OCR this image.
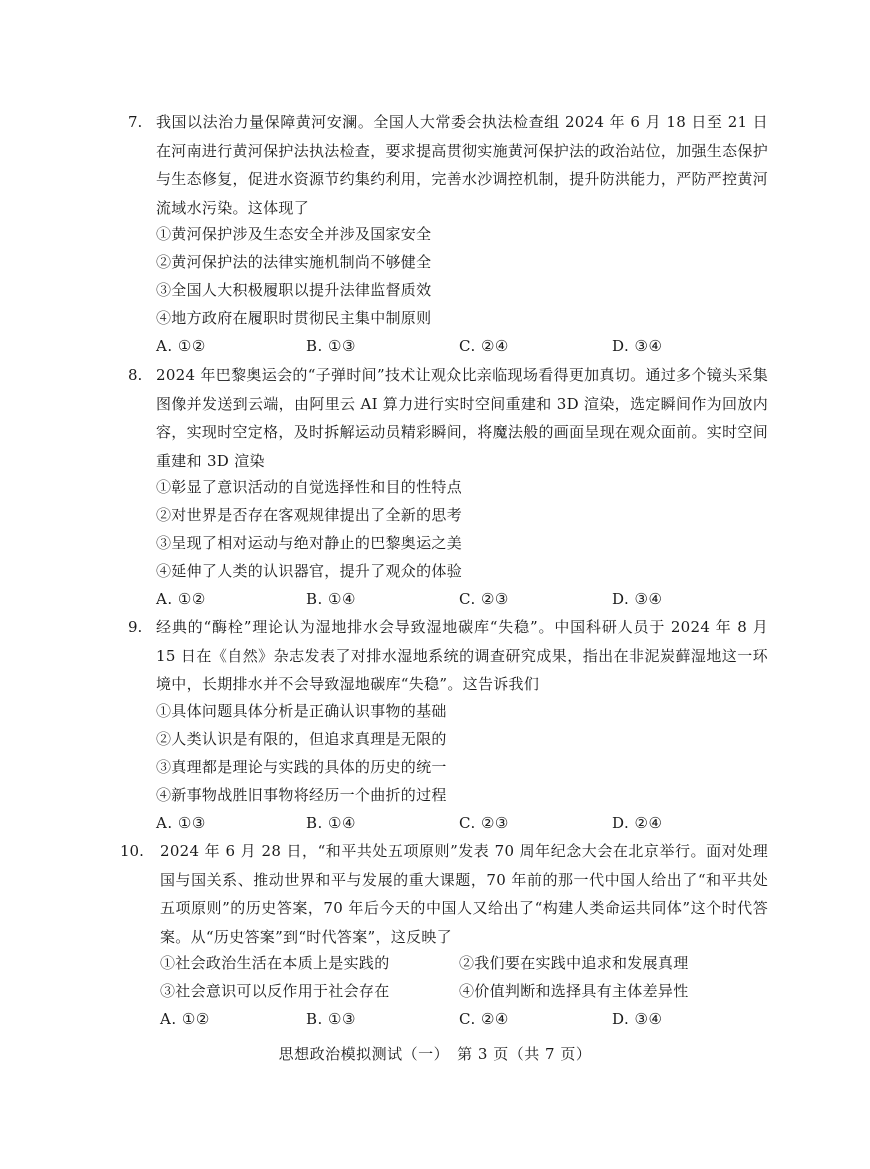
7. 我国以法治力量保障黄河安澜。全国人大常委会执法检查组 2024 年 6 月 18 日至 21 日在河南进行黄河保护法执法检查，要求提高贯彻实施黄河保护法的政治站位，加强生态保护与生态修复，促进水资源节约集约利用，完善水沙调控机制，提升防洪能力，严防严控黄河流域水污染。这体现了
①黄河保护涉及生态安全并涉及国家安全
②黄河保护法的法律实施机制尚不够健全
③全国人大积极履职以提升法律监督质效
④地方政府在履职时贯彻民主集中制原则
A. ①②	B. ①③	C. ②④	D. ③④
8. 2024 年巴黎奥运会的“子弹时间”技术让观众比亲临现场看得更加真切。通过多个镜头采集图像并发送到云端，由阿里云 AI 算力进行实时空间重建和 3D 渲染，选定瞬间作为回放内容，实现时空定格，及时拆解运动员精彩瞬间，将魔法般的画面呈现在观众面前。实时空间重建和 3D 渲染
①彰显了意识活动的自觉选择性和目的性特点
②对世界是否存在客观规律提出了全新的思考
③呈现了相对运动与绝对静止的巴黎奥运之美
④延伸了人类的认识器官，提升了观众的体验
A. ①②	B. ①④	C. ②③	D. ③④
9. 经典的“酶栓”理论认为湿地排水会导致湿地碳库“失稳”。中国科研人员于 2024 年 8 月 15 日在《自然》杂志发表了对排水湿地系统的调查研究成果，指出在非泥炭藓湿地这一环境中，长期排水并不会导致湿地碳库“失稳”。这告诉我们
①具体问题具体分析是正确认识事物的基础
②人类认识是有限的，但追求真理是无限的
③真理都是理论与实践的具体的历史的统一
④新事物战胜旧事物将经历一个曲折的过程
A. ①③	B. ①④	C. ②③	D. ②④
10. 2024 年 6 月 28 日，“和平共处五项原则”发表 70 周年纪念大会在北京举行。面对处理国与国关系、推动世界和平与发展的重大课题，70 年前的那一代中国人给出了“和平共处五项原则”的历史答案，70 年后今天的中国人又给出了“构建人类命运共同体”这个时代答案。从“历史答案”到“时代答案”，这反映了
①社会政治生活在本质上是实践的	②我们要在实践中追求和发展真理
③社会意识可以反作用于社会存在	④价值判断和选择具有主体差异性
A. ①②	B. ①③	C. ②④	D. ③④
思想政治模拟测试（一）　第 3 页（共 7 页）
